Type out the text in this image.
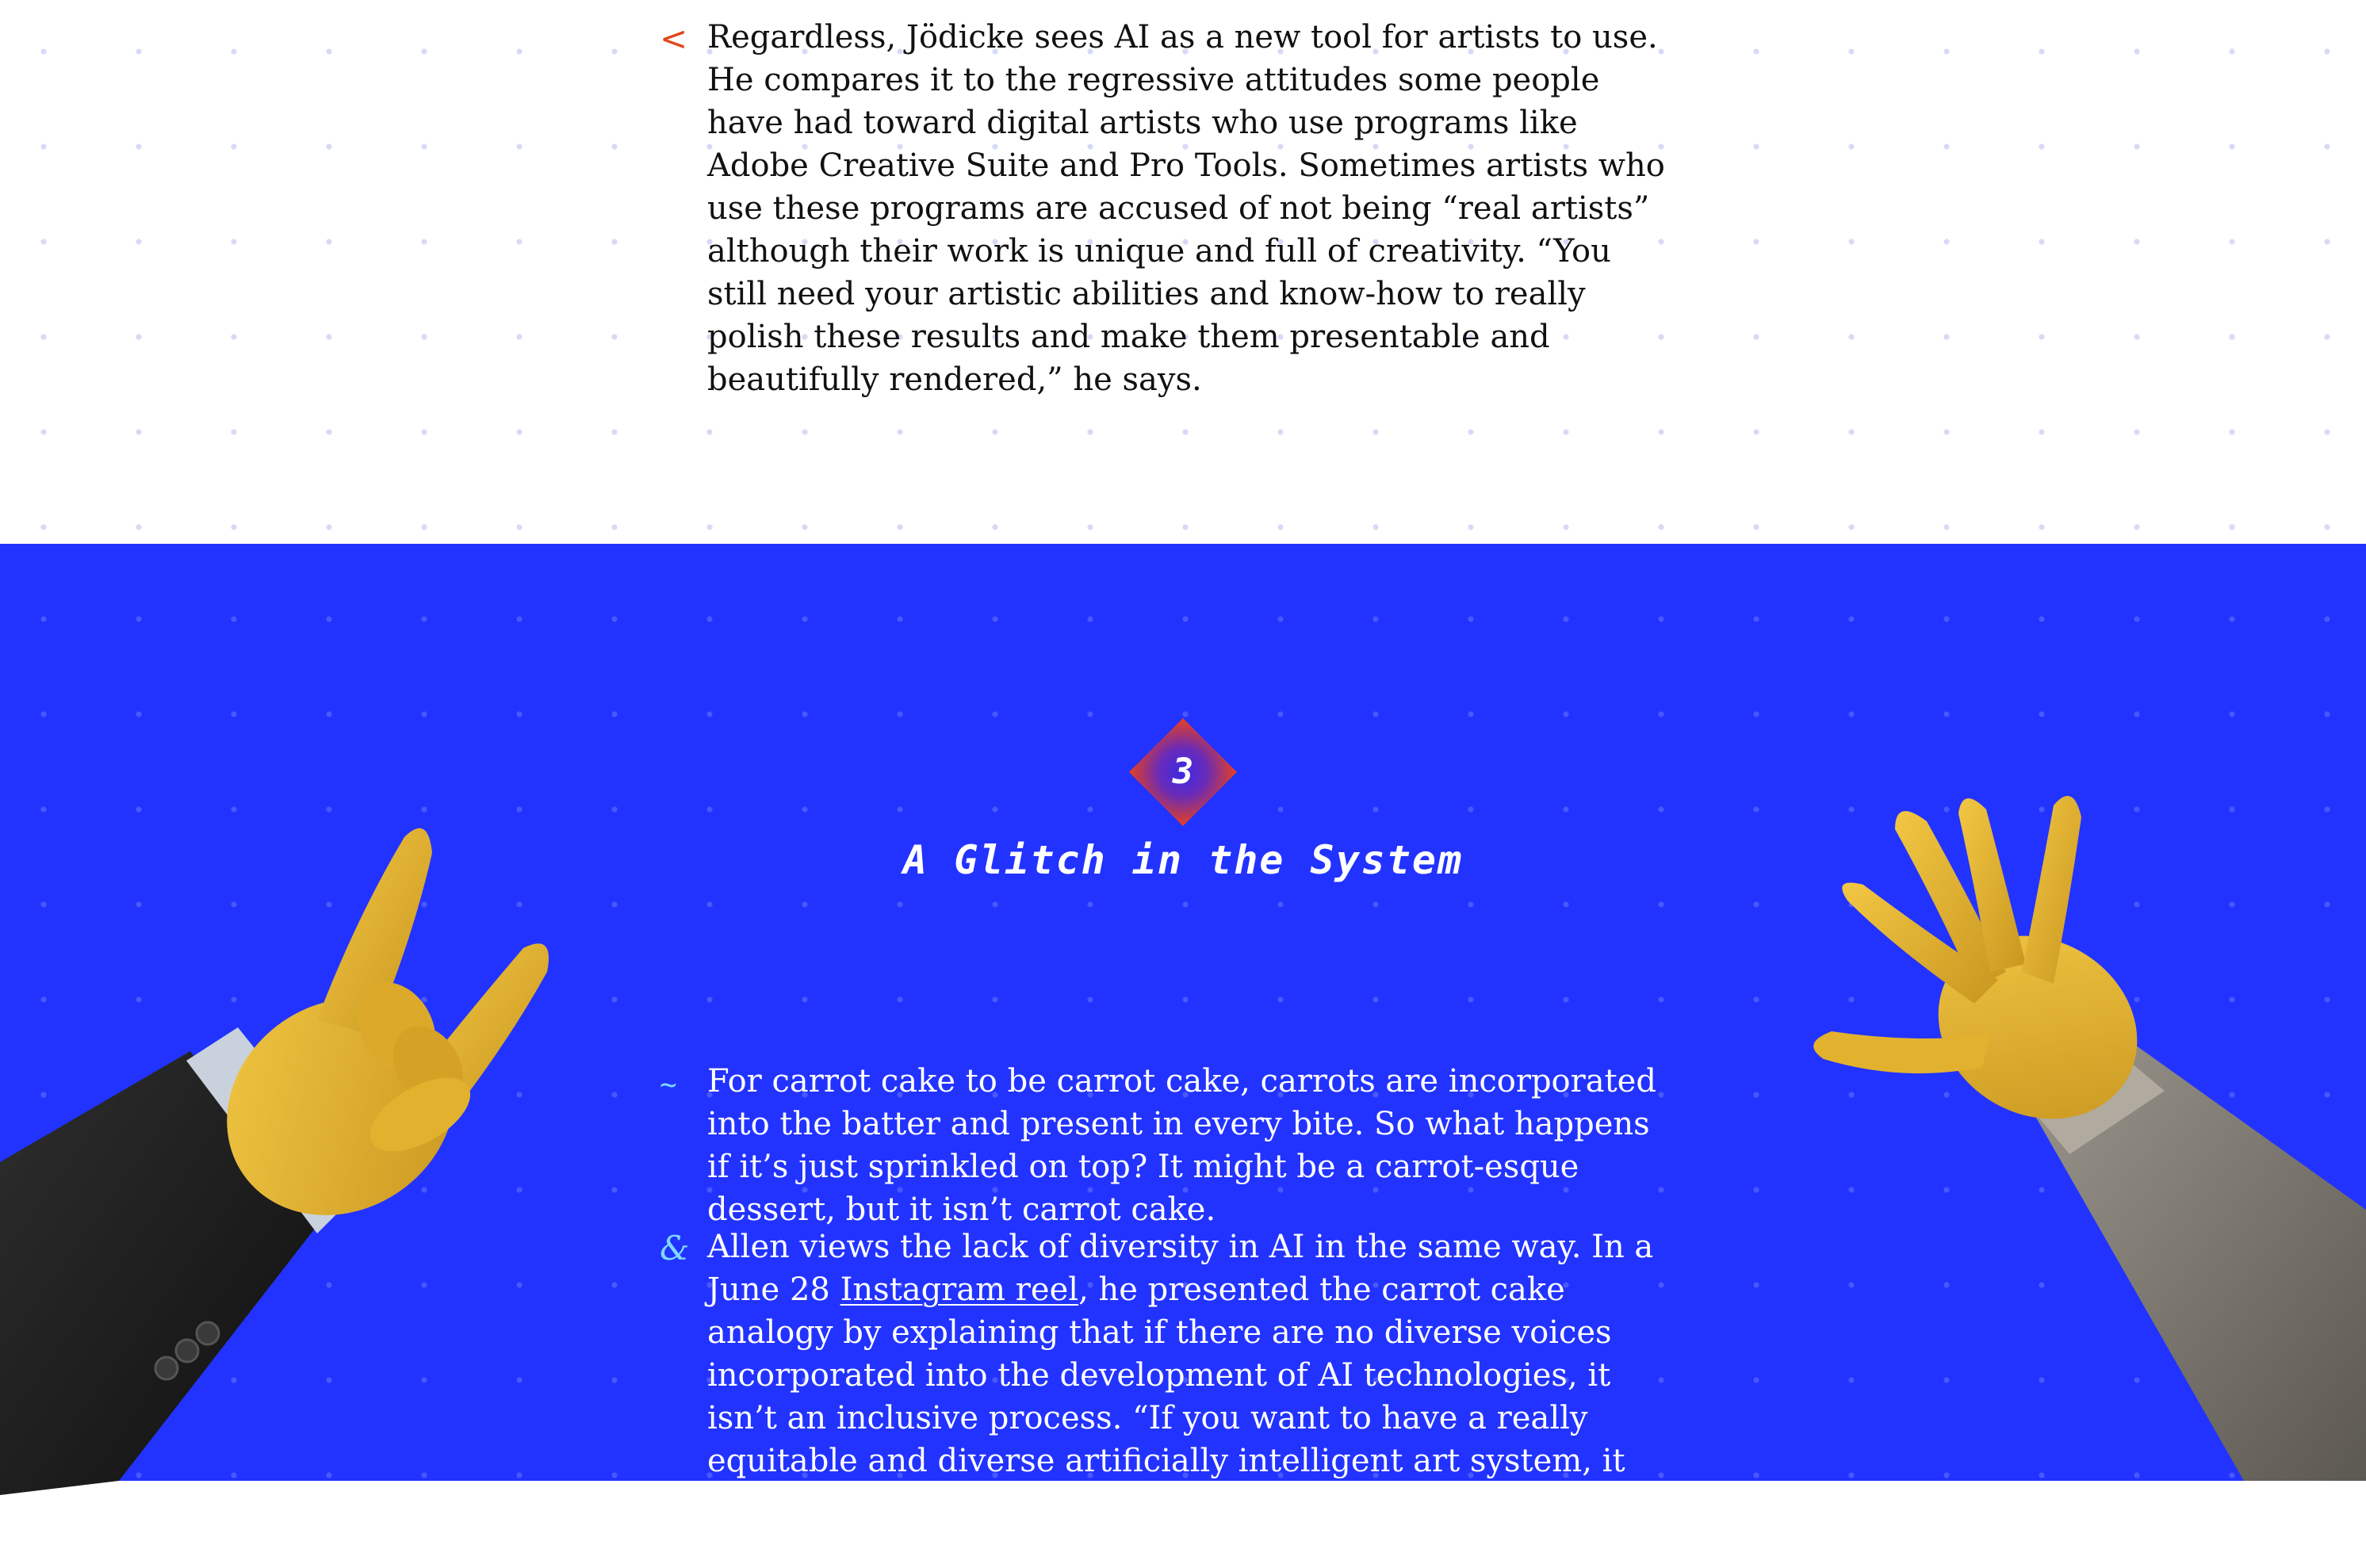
< Regardless, Jödicke sees AI as a new tool for artists to use. He compares it to the regressive attitudes some people have had toward digital artists who use programs like Adobe Creative Suite and Pro Tools. Sometimes artists who use these programs are accused of not being “real artists” although their work is unique and full of creativity. “You still need your artistic abilities and know-how to really polish these results and make them presentable and beautifully rendered,” he says.

3
A Glitch in the System
~ For carrot cake to be carrot cake, carrots are incorporated into the batter and present in every bite. So what happens if it’s just sprinkled on top? It might be a carrot-esque dessert, but it isn’t carrot cake.

& Allen views the lack of diversity in AI in the same way. In a June 28 Instagram reel, he presented the carrot cake analogy by explaining that if there are no diverse voices incorporated into the development of AI technologies, it isn’t an inclusive process. “If you want to have a really equitable and diverse artificially intelligent art system, it needs to include a diverse set of people from the beginning,” he says.
